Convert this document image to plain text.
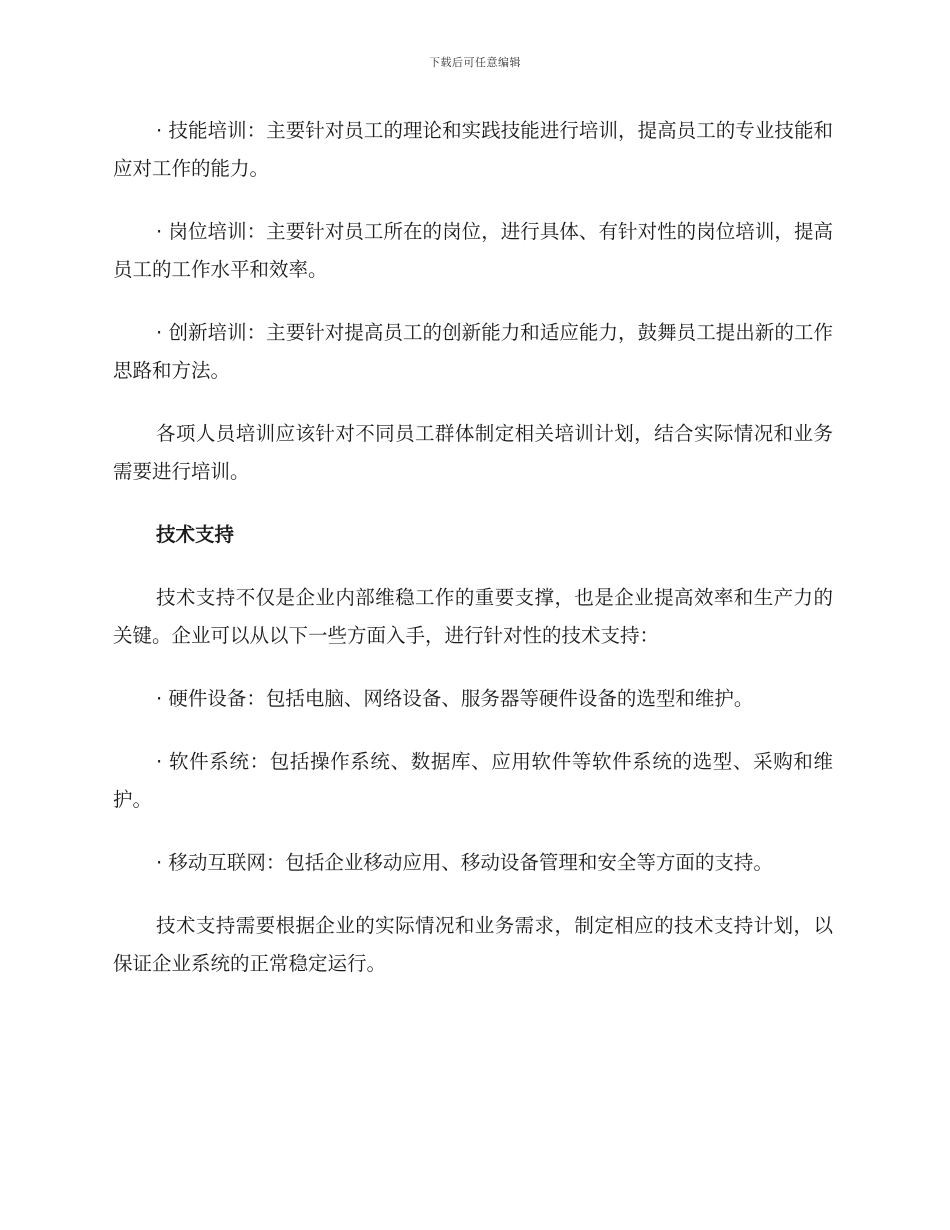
下载后可任意编辑

· 技能培训：主要针对员工的理论和实践技能进行培训，提高员工的专业技能和应对工作的能力。

· 岗位培训：主要针对员工所在的岗位，进行具体、有针对性的岗位培训，提高员工的工作水平和效率。

· 创新培训：主要针对提高员工的创新能力和适应能力，鼓舞员工提出新的工作思路和方法。

各项人员培训应该针对不同员工群体制定相关培训计划，结合实际情况和业务需要进行培训。

技术支持

技术支持不仅是企业内部维稳工作的重要支撑，也是企业提高效率和生产力的关键。企业可以从以下一些方面入手，进行针对性的技术支持：

· 硬件设备：包括电脑、网络设备、服务器等硬件设备的选型和维护。

· 软件系统：包括操作系统、数据库、应用软件等软件系统的选型、采购和维护。

· 移动互联网：包括企业移动应用、移动设备管理和安全等方面的支持。

技术支持需要根据企业的实际情况和业务需求，制定相应的技术支持计划，以保证企业系统的正常稳定运行。
